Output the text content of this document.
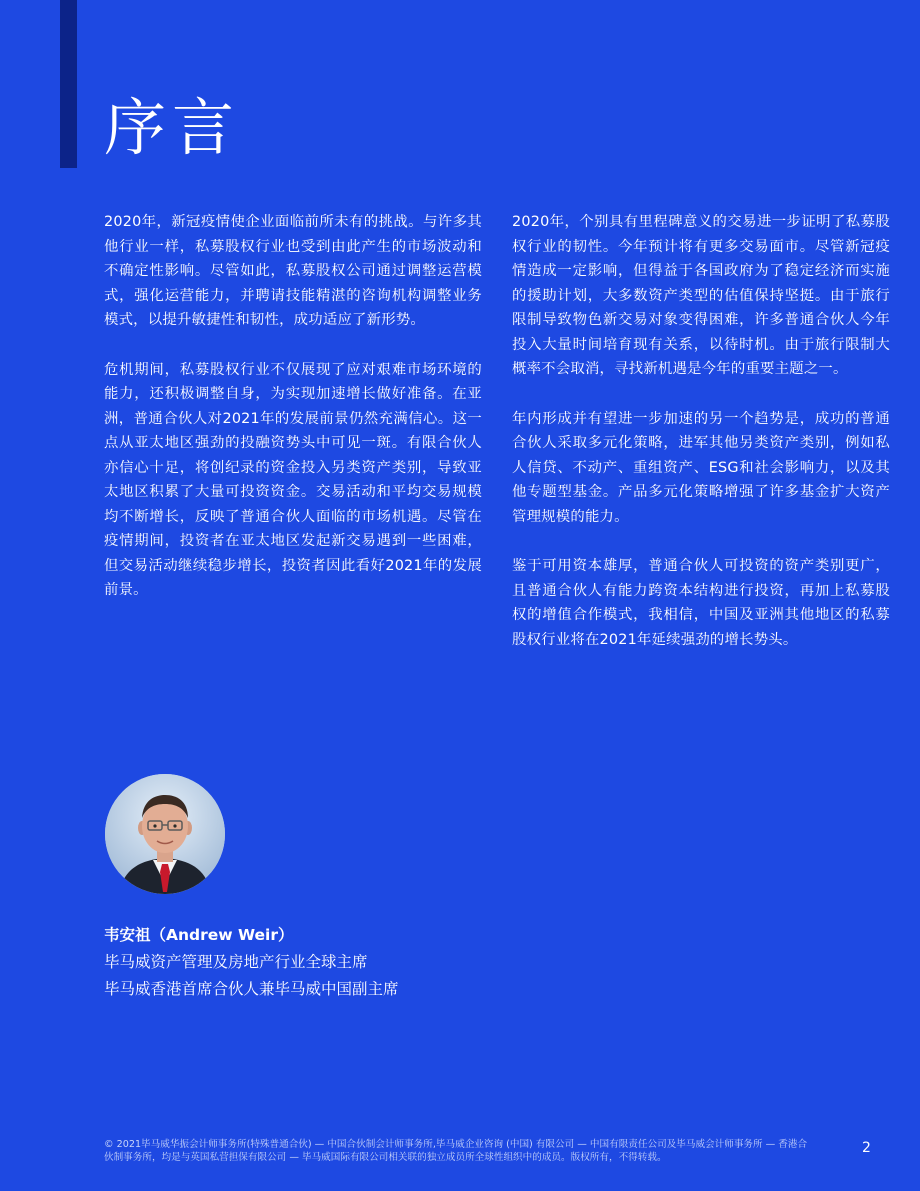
序言

2020年，新冠疫情使企业面临前所未有的挑战。与许多其他行业一样，私募股权行业也受到由此产生的市场波动和不确定性影响。尽管如此，私募股权公司通过调整运营模式，强化运营能力，并聘请技能精湛的咨询机构调整业务模式，以提升敏捷性和韧性，成功适应了新形势。

危机期间，私募股权行业不仅展现了应对艰难市场环境的能力，还积极调整自身，为实现加速增长做好准备。在亚洲，普通合伙人对2021年的发展前景仍然充满信心。这一点从亚太地区强劲的投融资势头中可见一斑。有限合伙人亦信心十足，将创纪录的资金投入另类资产类别，导致亚太地区积累了大量可投资资金。交易活动和平均交易规模均不断增长，反映了普通合伙人面临的市场机遇。尽管在疫情期间，投资者在亚太地区发起新交易遇到一些困难，但交易活动继续稳步增长，投资者因此看好2021年的发展前景。

2020年，个别具有里程碑意义的交易进一步证明了私募股权行业的韧性。今年预计将有更多交易面市。尽管新冠疫情造成一定影响，但得益于各国政府为了稳定经济而实施的援助计划，大多数资产类型的估值保持坚挺。由于旅行限制导致物色新交易对象变得困难，许多普通合伙人今年投入大量时间培育现有关系，以待时机。由于旅行限制大概率不会取消，寻找新机遇是今年的重要主题之一。

年内形成并有望进一步加速的另一个趋势是，成功的普通合伙人采取多元化策略，进军其他另类资产类别，例如私人信贷、不动产、重组资产、ESG和社会影响力，以及其他专题型基金。产品多元化策略增强了许多基金扩大资产管理规模的能力。

鉴于可用资本雄厚，普通合伙人可投资的资产类别更广，且普通合伙人有能力跨资本结构进行投资，再加上私募股权的增值合作模式，我相信，中国及亚洲其他地区的私募股权行业将在2021年延续强劲的增长势头。

韦安祖（Andrew Weir）
毕马威资产管理及房地产行业全球主席
毕马威香港首席合伙人兼毕马威中国副主席
© 2021毕马威华振会计师事务所(特殊普通合伙) — 中国合伙制会计师事务所,毕马威企业咨询 (中国) 有限公司 — 中国有限责任公司及毕马威会计师事务所 — 香港合伙制事务所，均是与英国私营担保有限公司 — 毕马威国际有限公司相关联的独立成员所全球性组织中的成员。版权所有，不得转载。
2
